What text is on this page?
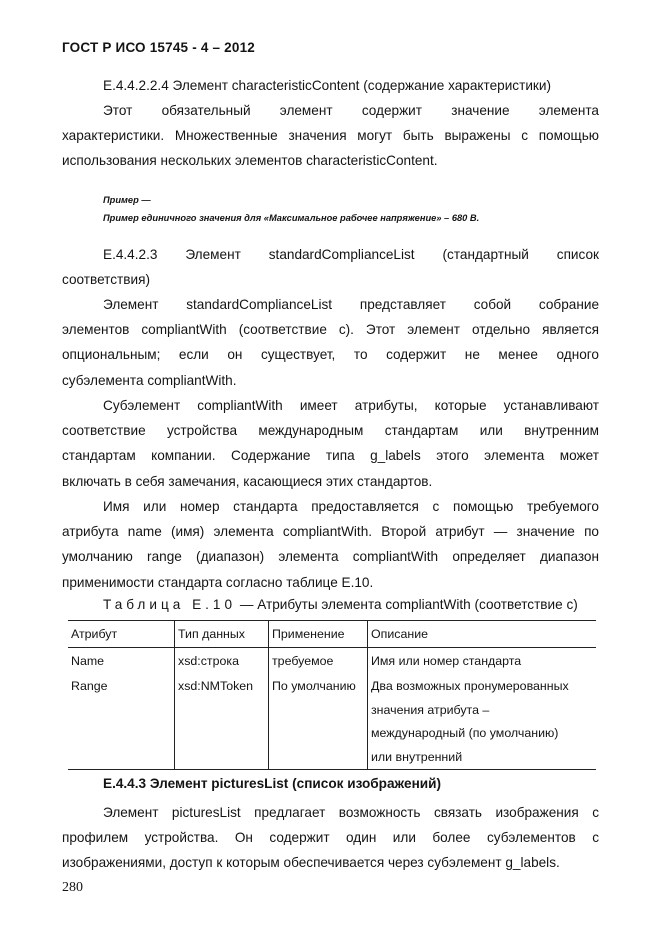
ГОСТ Р ИСО 15745 - 4 – 2012
E.4.4.2.2.4 Элемент characteristicContent (содержание характеристики)
Этот обязательный элемент содержит значение элемента
характеристики. Множественные значения могут быть выражены с помощью
использования нескольких элементов characteristicContent.
Пример —
Пример единичного значения для «Максимальное рабочее напряжение» – 680 В.
E.4.4.2.3 Элемент standardComplianceList (стандартный список
соответствия)
Элемент standardComplianceList представляет собой собрание
элементов compliantWith (соответствие с). Этот элемент отдельно является
опциональным; если он существует, то содержит не менее одного
субэлемента compliantWith.
Субэлемент compliantWith имеет атрибуты, которые устанавливают
соответствие устройства международным стандартам или внутренним
стандартам компании. Содержание типа g_labels этого элемента может
включать в себя замечания, касающиеся этих стандартов.
Имя или номер стандарта предоставляется с помощью требуемого
атрибута name (имя) элемента compliantWith. Второй атрибут — значение по
умолчанию range (диапазон) элемента compliantWith определяет диапазон
применимости стандарта согласно таблице E.10.
Таблица E.10 — Атрибуты элемента compliantWith (соответствие с)
Атрибут	Тип данных	Применение	Описание
Name	xsd:строка	требуемое	Имя или номер стандарта
Range	xsd:NMToken	По умолчанию	Два возможных пронумерованных
значения атрибута –
международный (по умолчанию)
или внутренний
E.4.4.3 Элемент picturesList (список изображений)
Элемент picturesList предлагает возможность связать изображения с
профилем устройства. Он содержит один или более субэлементов с
изображениями, доступ к которым обеспечивается через субэлемент g_labels.
280
